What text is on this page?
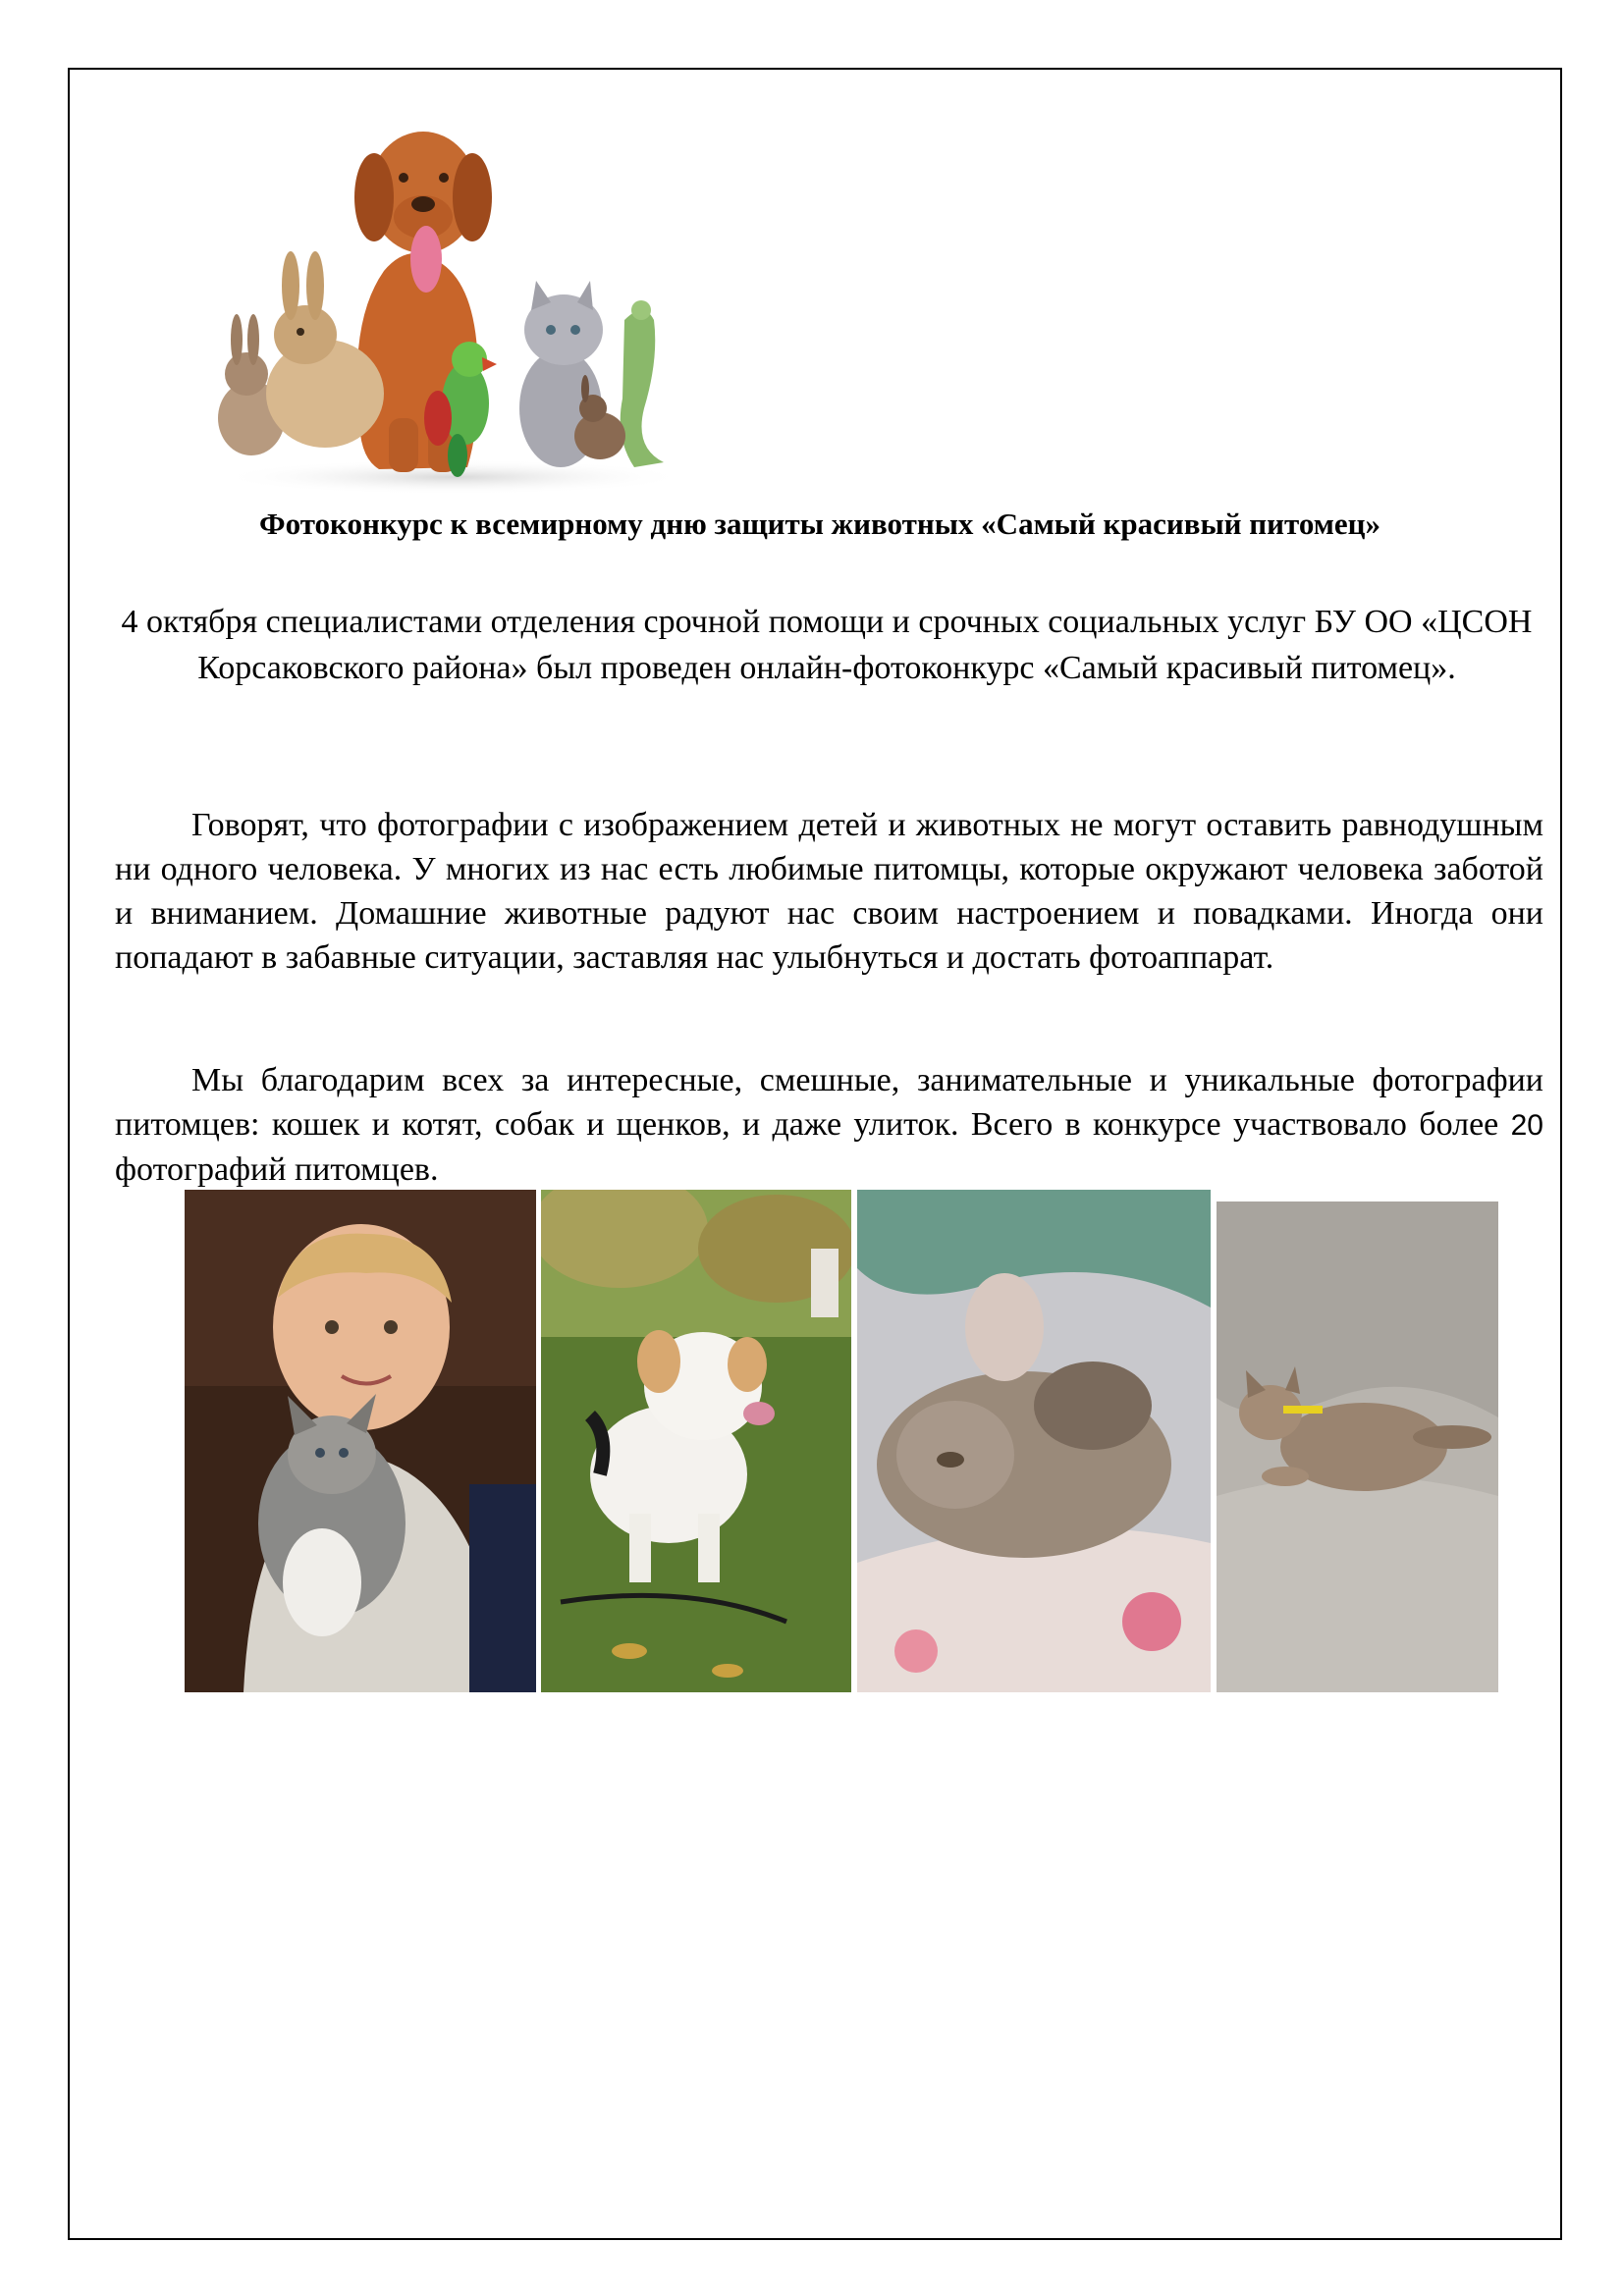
Фотоконкурс к всемирному дню защиты животных «Самый красивый питомец»

4 октября специалистами отделения срочной помощи и срочных социальных услуг БУ ОО «ЦСОН Корсаковского района» был проведен онлайн-фотоконкурс «Самый красивый питомец».

Говорят, что фотографии с изображением детей и животных не могут оставить равнодушным ни одного человека. У многих из нас есть любимые питомцы, которые окружают человека заботой и вниманием. Домашние животные радуют нас своим настроением и повадками. Иногда они попадают в забавные ситуации, заставляя нас улыбнуться и достать фотоаппарат.

Мы благодарим всех за интересные, смешные, занимательные и уникальные фотографии питомцев: кошек и котят, собак и щенков, и даже улиток. Всего в конкурсе участвовало более 20 фотографий питомцев.
